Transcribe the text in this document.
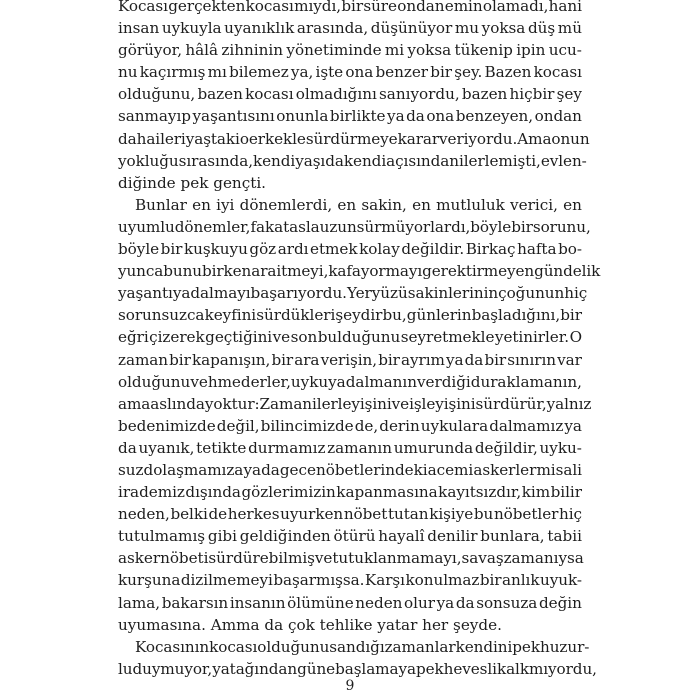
Kocası gerçekten kocası mıydı, bir süre ondan emin olamadı, hani
insan uykuyla uyanıklık arasında, düşünüyor mu yoksa düş mü
görüyor, hâlâ zihninin yönetiminde mi yoksa tükenip ipin ucu-
nu kaçırmış mı bilemez ya, işte ona benzer bir şey. Bazen kocası
olduğunu, bazen kocası olmadığını sanıyordu, bazen hiçbir şey
sanmayıp yaşantısını onunla birlikte ya da ona benzeyen, ondan
daha ileri yaştaki o erkekle sürdürmeye karar veriyordu. Ama onun
yokluğu sırasında, kendi yaşı da kendi açısından ilerlemişti, evlen-
diğinde pek gençti.
Bunlar en iyi dönemlerdi, en sakin, en mutluluk verici, en
uyumlu dönemler, fakat asla uzun sürmüyorlardı, böyle bir sorunu,
böyle bir kuşkuyu göz ardı etmek kolay değildir. Birkaç hafta bo-
yunca bunu bir kenara itmeyi, kafa yormayı gerektirmeyen gündelik
yaşantıya dalmayı başarıyordu. Yeryüzü sakinlerinin çoğunun hiç
sorunsuzca keyfini sürdükleri şeydir bu, günlerin başladığını, bir
eğri çizerek geçtiğini ve son bulduğunu seyretmekle yetinirler. O
zaman bir kapanışın, bir ara verişin, bir ayrım ya da bir sınırın var
olduğunu vehmederler, uykuya dalmanın verdiği duraklamanın,
ama aslında yoktur: Zaman ilerleyişini ve işleyişini sürdürür, yalnız
bedenimizde değil, bilincimizde de, derin uykulara dalmamız ya
da uyanık, tetikte durmamız zamanın umurunda değildir, uyku-
suz dolaşmamıza ya da gece nöbetlerindeki acemi askerler misali
irademiz dışında gözlerimizin kapanmasına kayıtsızdır, kim bilir
neden, belki de herkes uyurken nöbet tutan kişiye bu nöbetler hiç
tutulmamış gibi geldiğinden ötürü hayalî denilir bunlara, tabii
asker nöbeti sürdürebilmiş ve tutuklanmamayı, savaş zamanıysa
kurşuna dizilmemeyi başarmışsa. Karşı konulmaz bir anlık uyuk-
lama, bakarsın insanın ölümüne neden olur ya da sonsuza değin
uyumasına. Amma da çok tehlike yatar her şeyde.
Kocasının kocası olduğunu sandığı zamanlar kendini pek huzur-
lu duymuyor, yatağından güne başlamaya pek hevesli kalkmıyordu,
9
